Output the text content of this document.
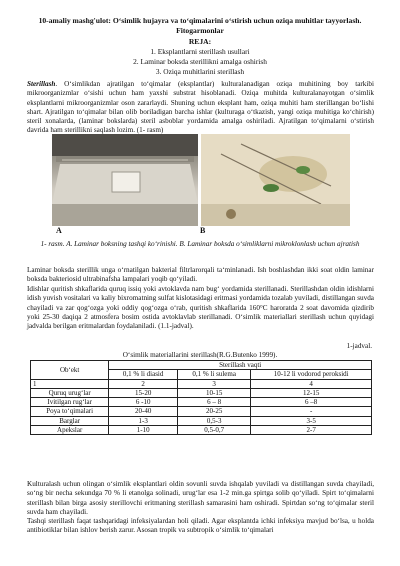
10-amaliy mashg'ulot: O‘simlik hujayra va to‘qimalarini o‘stirish uchun oziqa muhitlar tayyorlash. Fitogarmonlar
REJA:
1. Eksplantlarni sterillash usullari
2. Laminar boksda sterillikni amalga oshirish
3. Oziqa muhitlarini sterillash

Sterillash. O‘simlikdan ajratilgan to‘qimalar (eksplantlar) kulturalanadigan oziqa muhitining boy tarkibi mikroorganizmlar o‘sishi uchun ham yaxshi substrat hisoblanadi. Oziqa muhitda kulturalanayotgan o‘simlik eksplantlarni mikroorganizmlar oson zararlaydi. Shuning uchun eksplant ham, oziqa muhiti ham sterillangan bo‘lishi shart. Ajratilgan to‘qimalar bilan olib boriladigan barcha ishlar (kulturaga o‘tkazish, yangi oziqa muhitiga ko‘chirish) steril xonalarda, (laminar bokslarda) steril asboblar yordamida amalga oshiriladi. Ajratilgan to‘qimalarni o‘stirish davrida ham sterillikni saqlash lozim. (1- rasm)

A	B
1- rasm. A. Laminar boksning tashqi ko‘rinishi. B. Laminar boksda o‘simliklarni mikroklonlash uchun ajratish

Laminar boksda sterillik unga o‘rnatilgan bakterial filtrlarorqali ta‘minlanadi. Ish boshlashdan ikki soat oldin laminar boksda bakteriosid ultrabinafsha lampalari yoqib qo‘yiladi.

Idishlar quritish shkaflarida quruq issiq yoki avtoklavda nam bug‘ yordamida sterillanadi. Sterillashdan oldin idishlarni idish yuvish vositalari va kaliy bixromatning sulfat kislotasidagi eritmasi yordamida tozalab yuviladi, distillangan suvda chayiladi va zar qog‘ozga yoki oddiy qog‘ozga o‘rab, quritish shkaflarida 160°C haroratda 2 soat davomida qizdirib yoki 25-30 daqiqa 2 atmosfera bosim ostida avtoklavlab sterillanadi. O‘simlik materiallari sterillash uchun quyidagi jadvalda berilgan eritmalardan foydalaniladi. (1.1-jadval).

1-jadval.
O‘simlik materiallarini sterillash(R.G.Butenko 1999).
Ob‘ekt	Sterillash vaqti		
	0,1 % li diasid	0,1 % li sulema	10-12 li vodorod peroksidi
1	2	3	4
Quruq urug‘lar	15-20	10-15	12-15
Ivitilgan rug‘lar	6 -10	6 – 8	6 –8
Poya to‘qimalari	20-40	20-25	-
Barglar	1-3	0,5-3	3-5
Apekslar	1-10	0,5-0,7	2-7

Kulturalash uchun olingan o‘simlik eksplantlari oldin sovunli suvda ishqalab yuviladi va distillangan suvda chayiladi, so‘ng bir necha sekundga 70 % li etanolga solinadi, urug‘lar esa 1-2 min.ga spirtga solib qo‘yiladi. Spirt to‘qimalarni sterillash bilan birga asosiy sterillovchi eritmaning sterillash samarasini ham oshiradi. Spirtdan so‘ng to‘qimalar steril suvda ham chayiladi.

Tashqi sterillash faqat tashqaridagi infeksiyalardan holi qiladi. Agar eksplantda ichki infeksiya mavjud bo‘lsa, u holda antibiotiklar bilan ishlov berish zarur. Asosan tropik va subtropik o‘simlik to‘qimalari
